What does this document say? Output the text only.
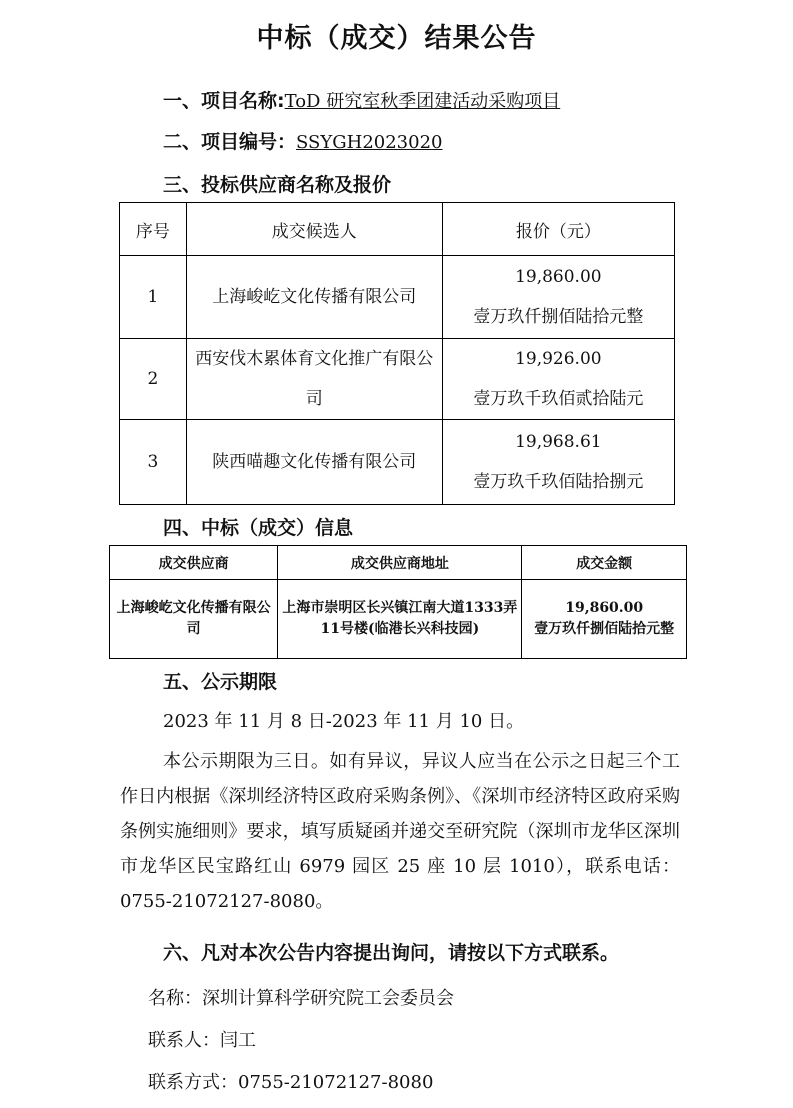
中标（成交）结果公告
一、项目名称:ToD 研究室秋季团建活动采购项目
二、项目编号：SSYGH2023020
三、投标供应商名称及报价
序号	成交候选人	报价（元）
1	上海峻屹文化传播有限公司	19,860.00
壹万玖仟捌佰陆拾元整

2	西安伐木累体育文化推广有限公司	19,926.00
壹万玖千玖佰贰拾陆元

3	陕西喵趣文化传播有限公司	19,968.61
壹万玖千玖佰陆拾捌元
四、中标（成交）信息
成交供应商	成交供应商地址	成交金额
上海峻屹文化传播有限公司	上海市崇明区长兴镇江南大道1333弄11号楼(临港长兴科技园)	19,860.00
壹万玖仟捌佰陆拾元整
五、公示期限
2023 年 11 月 8 日-2023 年 11 月 10 日。
本公示期限为三日。如有异议，异议人应当在公示之日起三个工作日内根据《深圳经济特区政府采购条例》、《深圳市经济特区政府采购条例实施细则》要求，填写质疑函并递交至研究院（深圳市龙华区深圳市龙华区民宝路红山 6979 园区 25 座 10 层 1010），联系电话：0755-21072127-8080。
六、凡对本次公告内容提出询问，请按以下方式联系。
名称：深圳计算科学研究院工会委员会
联系人：闫工
联系方式：0755-21072127-8080
